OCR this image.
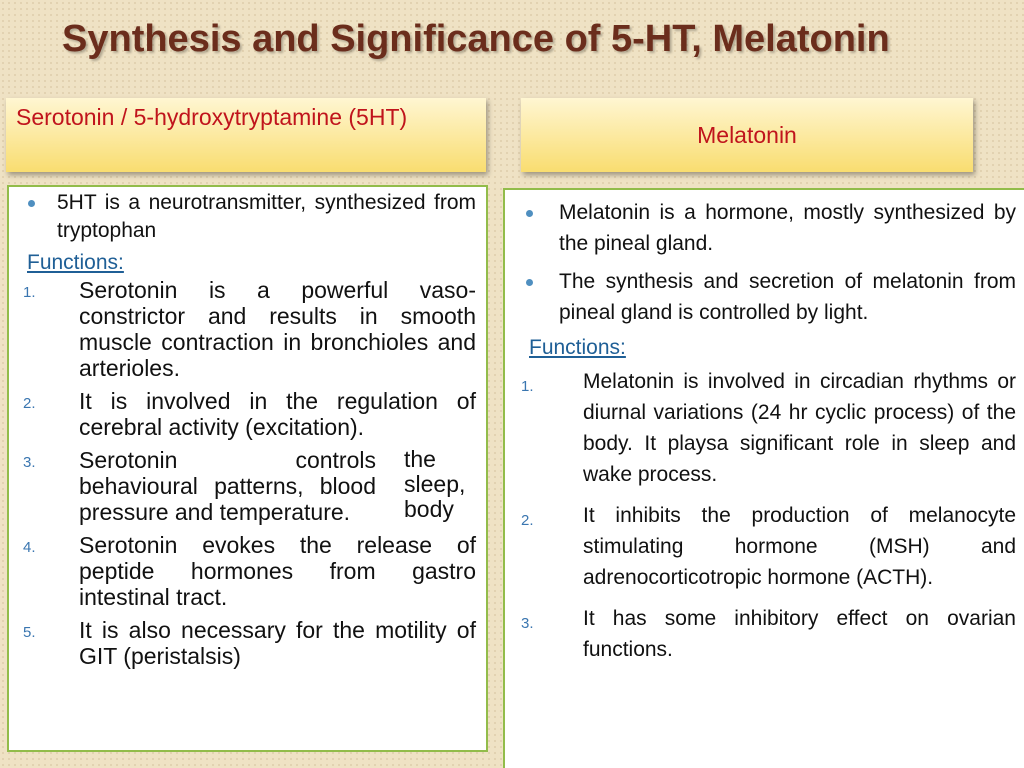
Synthesis and Significance of 5-HT, Melatonin
Serotonin / 5-hydroxytryptamine (5HT)
Melatonin
5HT is a neurotransmitter, synthesized from tryptophan
Functions:
1.	Serotonin is a powerful vaso-constrictor and results in smooth muscle contraction in bronchioles and arterioles.
2.	It is involved in the regulation of cerebral activity (excitation).
3.	Serotonin controls behavioural patterns, blood pressure and temperature.
the sleep, body
4.	Serotonin evokes the release of peptide hormones from gastro intestinal tract.
5.	It is also necessary for the motility of GIT (peristalsis)
Melatonin is a hormone, mostly synthesized by the pineal gland.
The synthesis and secretion of melatonin from pineal gland is controlled by light.
Functions:
1.	Melatonin is involved in circadian rhythms or diurnal variations (24 hr cyclic process) of the body. It playsa significant role in sleep and wake process.
2.	It inhibits the production of melanocyte stimulating hormone (MSH) and adrenocorticotropic hormone (ACTH).
3.	It has some inhibitory effect on ovarian functions.
